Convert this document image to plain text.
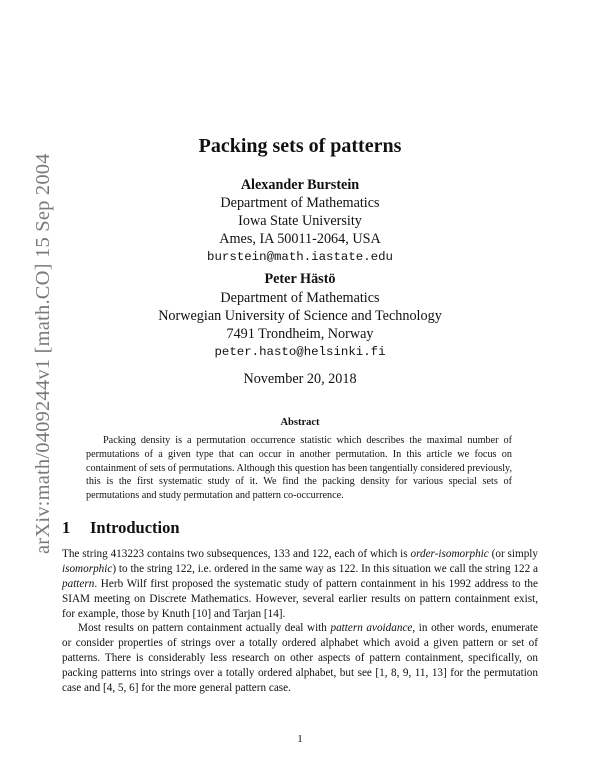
arXiv:math/0409244v1 [math.CO] 15 Sep 2004
Packing sets of patterns
Alexander Burstein
Department of Mathematics
Iowa State University
Ames, IA 50011-2064, USA
burstein@math.iastate.edu
Peter Hästö
Department of Mathematics
Norwegian University of Science and Technology
7491 Trondheim, Norway
peter.hasto@helsinki.fi
November 20, 2018
Abstract

Packing density is a permutation occurrence statistic which describes the maximal number of permutations of a given type that can occur in another permutation. In this article we focus on containment of sets of permutations. Although this question has been tangentially considered previously, this is the first systematic study of it. We find the packing density for various special sets of permutations and study permutation and pattern co-occurrence.

1 Introduction

The string 413223 contains two subsequences, 133 and 122, each of which is order-isomorphic (or simply isomorphic) to the string 122, i.e. ordered in the same way as 122. In this situation we call the string 122 a pattern. Herb Wilf first proposed the systematic study of pattern containment in his 1992 address to the SIAM meeting on Discrete Mathematics. However, several earlier results on pattern containment exist, for example, those by Knuth [10] and Tarjan [14].

Most results on pattern containment actually deal with pattern avoidance, in other words, enumerate or consider properties of strings over a totally ordered alphabet which avoid a given pattern or set of patterns. There is considerably less research on other aspects of pattern containment, specifically, on packing patterns into strings over a totally ordered alphabet, but see [1, 8, 9, 11, 13] for the permutation case and [4, 5, 6] for the more general pattern case.

1
